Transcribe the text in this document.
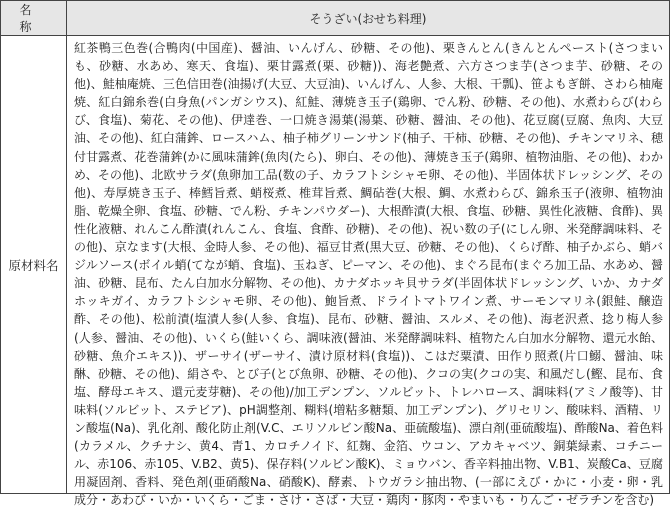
名 称	そうざい(おせち料理)
原材料名	紅茶鴨三色巻(合鴨肉(中国産)、醤油、いんげん、砂糖、その他)、栗きんとん(きんとんペースト(さつまいも、砂糖、水あめ、寒天、食塩)、栗甘露煮(栗、砂糖))、海老艶煮、六方さつま芋(さつま芋、砂糖、その他)、鮭柚庵焼、三色信田巻(油揚げ(大豆、大豆油)、いんげん、人参、大根、干瓢)、笹よもぎ餅、さわら柚庵焼、紅白錦糸巻(白身魚(パンガシウス)、紅鮭、薄焼き玉子(鶏卵、でん粉、砂糖、その他)、水煮わらび(わらび、食塩)、菊花、その他)、伊達巻、一口焼き湯葉(湯葉、砂糖、醤油、その他)、花豆腐(豆腐、魚肉、大豆油、その他)、紅白蒲鉾、ロースハム、柚子柿グリーンサンド(柚子、干柿、砂糖、その他)、チキンマリネ、穂付甘露煮、花巻蒲鉾(かに風味蒲鉾(魚肉(たら)、卵白、その他)、薄焼き玉子(鶏卵、植物油脂、その他)、わかめ、その他)、北欧サラダ(魚卵加工品(数の子、カラフトシシャモ卵、その他)、半固体状ドレッシング、その他)、寿厚焼き玉子、棒鱈旨煮、蛸桜煮、椎茸旨煮、鯛砧巻(大根、鯛、水煮わらび、錦糸玉子(液卵、植物油脂、乾燥全卵、食塩、砂糖、でん粉、チキンパウダー)、大根酢漬(大根、食塩、砂糖、異性化液糖、食酢)、異性化液糖、れんこん酢漬(れんこん、食塩、食酢、砂糖)、その他)、祝い数の子(にしん卵、米発酵調味料、その他)、京なます(大根、金時人参、その他)、福豆甘煮(黒大豆、砂糖、その他)、くらげ酢、柚子かぶら、蛸バジルソース(ボイル蛸(てなが蛸、食塩)、玉ねぎ、ピーマン、その他)、まぐろ昆布(まぐろ加工品、水あめ、醤油、砂糖、昆布、たん白加水分解物、その他)、カナダホッキ貝サラダ(半固体状ドレッシング、いか、カナダホッキガイ、カラフトシシャモ卵、その他)、鮑旨煮、ドライトマトワイン煮、サーモンマリネ(銀鮭、醸造酢、その他)、松前漬(塩漬人参(人参、食塩)、昆布、砂糖、醤油、スルメ、その他)、海老沢煮、捻り梅人参(人参、醤油、その他)、いくら(鮭いくら、調味液(醤油、米発酵調味料、植物たん白加水分解物、還元水飴、砂糖、魚介エキス))、ザーサイ(ザーサイ、漬け原材料(食塩))、こはだ粟漬、田作り照煮(片口鰯、醤油、味醂、砂糖、その他)、絹さや、とび子(とび魚卵、砂糖、その他)、クコの実(クコの実、和風だし(鰹、昆布、食塩、酵母エキス、還元麦芽糖)、その他)/加工デンプン、ソルビット、トレハロース、調味料(アミノ酸等)、甘味料(ソルビット、ステビア)、pH調整剤、糊料(増粘多糖類、加工デンプン)、グリセリン、酸味料、酒精、リン酸塩(Na)、乳化剤、酸化防止剤(V.C、エリソルビン酸Na、亜硫酸塩)、漂白剤(亜硫酸塩)、酢酸Na、着色料(カラメル、クチナシ、黄4、青1、カロチノイド、紅麹、金箔、ウコン、アカキャベツ、銅葉緑素、コチニール、赤106、赤105、V.B2、黄5)、保存料(ソルビン酸K)、ミョウバン、香辛料抽出物、V.B1、炭酸Ca、豆腐用凝固剤、香料、発色剤(亜硝酸Na、硝酸K)、酵素、トウガラシ抽出物、(一部にえび・かに・小麦・卵・乳成分・あわび・いか・いくら・ごま・さけ・さば・大豆・鶏肉・豚肉・やまいも・りんご・ゼラチンを含む)
